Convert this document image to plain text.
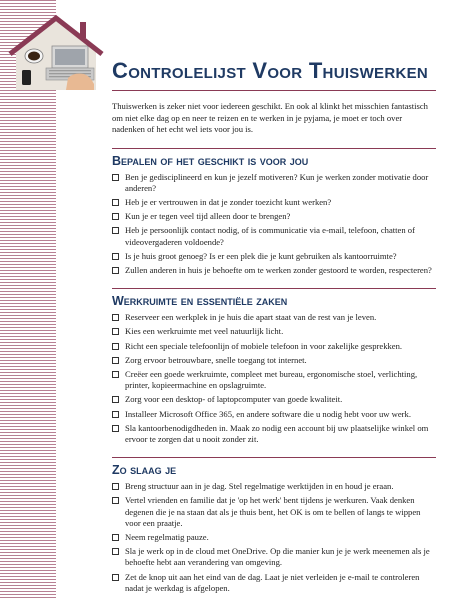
Controlelijst Voor Thuiswerken

Thuiswerken is zeker niet voor iedereen geschikt. En ook al klinkt het misschien fantastisch om niet elke dag op en neer te reizen en te werken in je pyjama, je moet er toch over nadenken of het echt wel iets voor jou is.

Bepalen of het geschikt is voor jou
Ben je gedisciplineerd en kun je jezelf motiveren? Kun je werken zonder motivatie door anderen?
Heb je er vertrouwen in dat je zonder toezicht kunt werken?
Kun je er tegen veel tijd alleen door te brengen?
Heb je persoonlijk contact nodig, of is communicatie via e-mail, telefoon, chatten of videovergaderen voldoende?
Is je huis groot genoeg? Is er een plek die je kunt gebruiken als kantoorruimte?
Zullen anderen in huis je behoefte om te werken zonder gestoord te worden, respecteren?
Werkruimte en essentiële zaken
Reserveer een werkplek in je huis die apart staat van de rest van je leven.
Kies een werkruimte met veel natuurlijk licht.
Richt een speciale telefoonlijn of mobiele telefoon in voor zakelijke gesprekken.
Zorg ervoor betrouwbare, snelle toegang tot internet.
Creëer een goede werkruimte, compleet met bureau, ergonomische stoel, verlichting, printer, kopieermachine en opslagruimte.
Zorg voor een desktop- of laptopcomputer van goede kwaliteit.
Installeer Microsoft Office 365, en andere software die u nodig hebt voor uw werk.
Sla kantoorbenodigdheden in. Maak zo nodig een account bij uw plaatselijke winkel om ervoor te zorgen dat u nooit zonder zit.
Zo slaag je
Breng structuur aan in je dag. Stel regelmatige werktijden in en houd je eraan.
Vertel vrienden en familie dat je 'op het werk' bent tijdens je werkuren. Vaak denken degenen die je na staan dat als je thuis bent, het OK is om te bellen of langs te wippen voor een praatje.
Neem regelmatig pauze.
Sla je werk op in de cloud met OneDrive. Op die manier kun je je werk meenemen als je behoefte hebt aan verandering van omgeving.
Zet de knop uit aan het eind van de dag. Laat je niet verleiden je e-mail te controleren nadat je werkdag is afgelopen.
